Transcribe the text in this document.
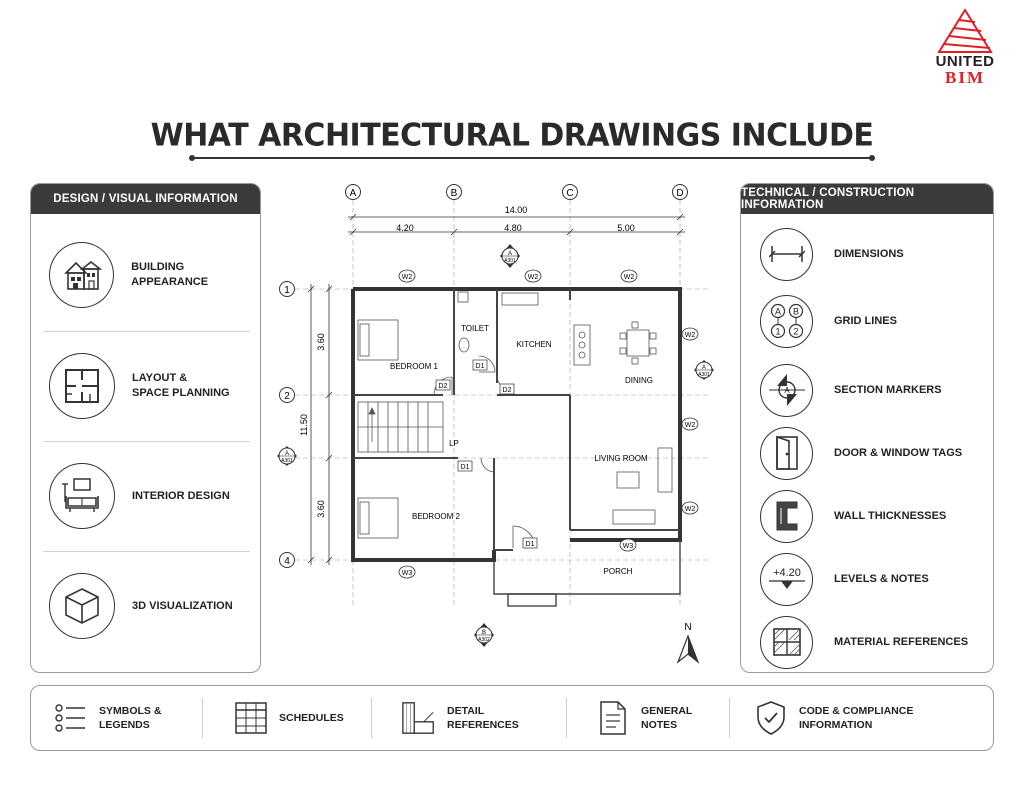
UNITED
BIM
WHAT ARCHITECTURAL DRAWINGS INCLUDE
DESIGN / VISUAL INFORMATION
BUILDING APPEARANCE
LAYOUT &
SPACE PLANNING
INTERIOR DESIGN
3D VISUALIZATION
TECHNICAL / CONSTRUCTION INFORMATION
DIMENSIONS
A B
1 2
GRID LINES
A	SECTION MARKERS
DOOR & WINDOW TAGS
WALL THICKNESSES
+4.20	LEVELS & NOTES
MATERIAL REFERENCES
A	B	C	D
14.00
4.20	4.80	5.00
1
2
4
11.50
3.60
3.60
BEDROOM 1
TOILET
KITCHEN
DINING
LIVING ROOM
BEDROOM 2
PORCH
LP
W2	W2	W2
W2
W2
W2
W3
W3
D2
D1
D2
D1
D1
A
A301
A
A301
A
A301
B
A302
N
SYMBOLS &
LEGENDS
SCHEDULES
DETAIL
REFERENCES
GENERAL
NOTES
CODE & COMPLIANCE
INFORMATION
